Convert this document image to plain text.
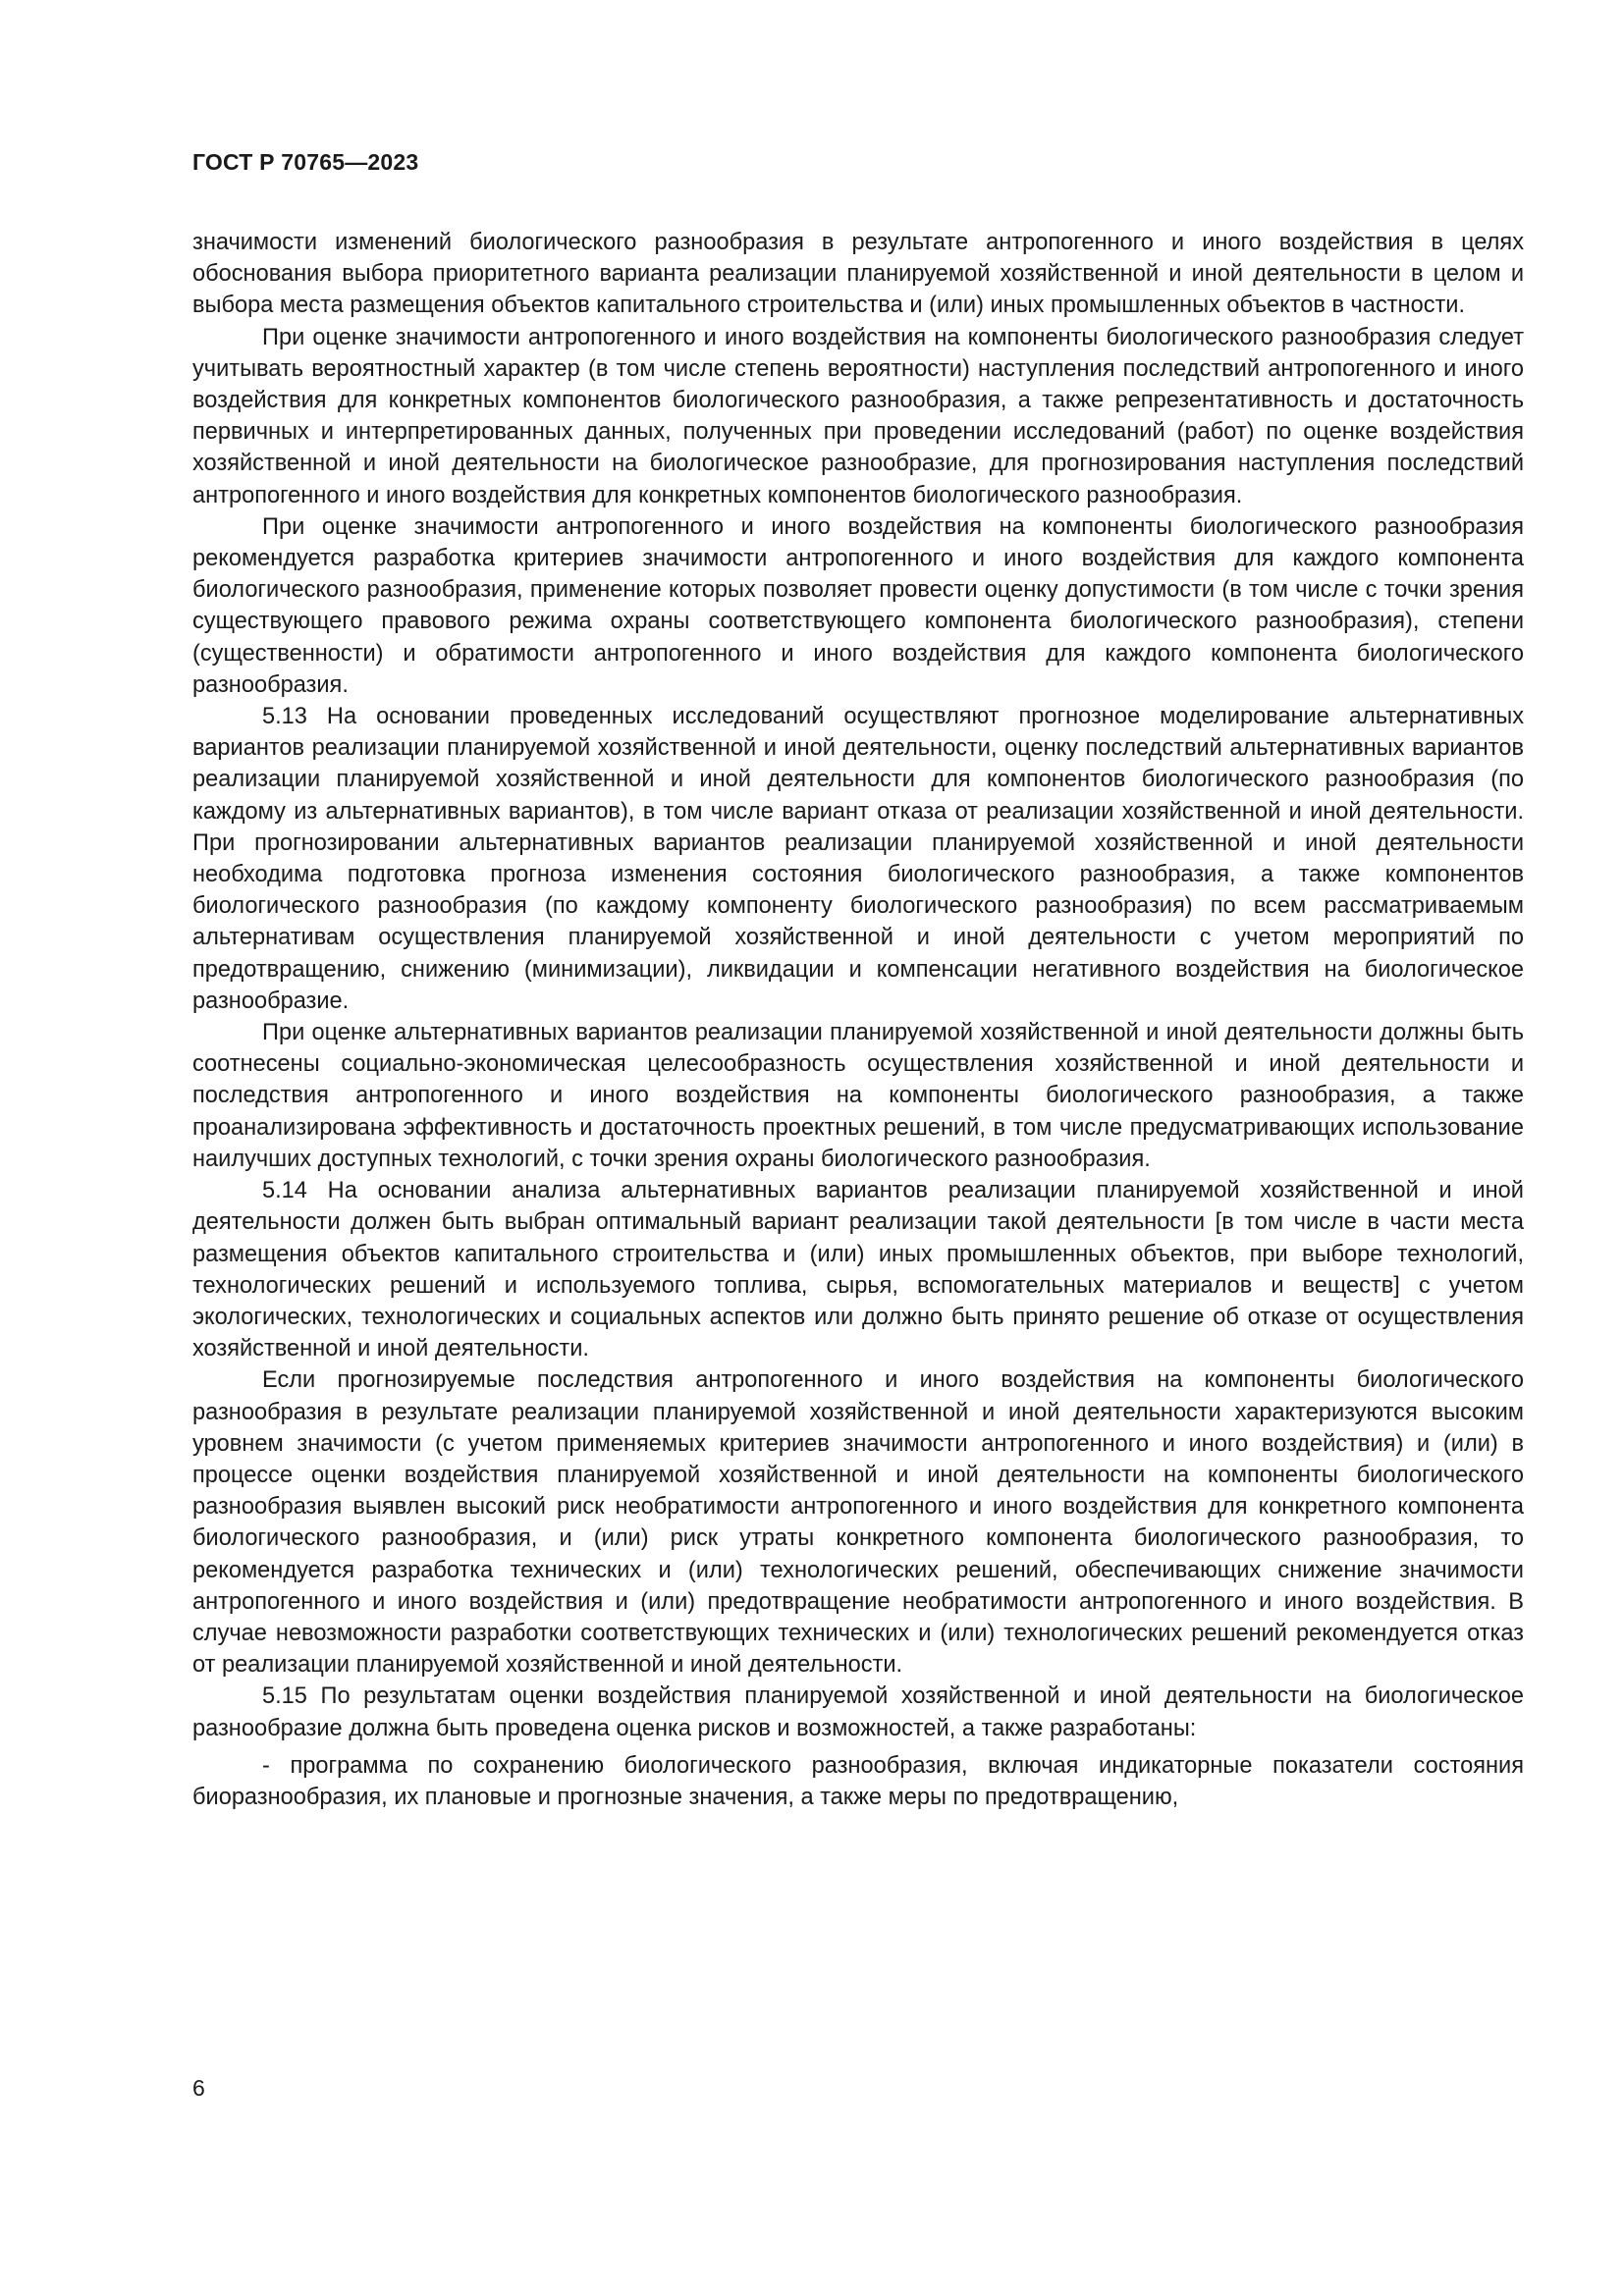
ГОСТ Р 70765—2023

значимости изменений биологического разнообразия в результате антропогенного и иного воздействия в целях обоснования выбора приоритетного варианта реализации планируемой хозяйственной и иной деятельности в целом и выбора места размещения объектов капитального строительства и (или) иных промышленных объектов в частности.

При оценке значимости антропогенного и иного воздействия на компоненты биологического разнообразия следует учитывать вероятностный характер (в том числе степень вероятности) наступления последствий антропогенного и иного воздействия для конкретных компонентов биологического разнообразия, а также репрезентативность и достаточность первичных и интерпретированных данных, полученных при проведении исследований (работ) по оценке воздействия хозяйственной и иной деятельности на биологическое разнообразие, для прогнозирования наступления последствий антропогенного и иного воздействия для конкретных компонентов биологического разнообразия.

При оценке значимости антропогенного и иного воздействия на компоненты биологического разнообразия рекомендуется разработка критериев значимости антропогенного и иного воздействия для каждого компонента биологического разнообразия, применение которых позволяет провести оценку допустимости (в том числе с точки зрения существующего правового режима охраны соответствующего компонента биологического разнообразия), степени (существенности) и обратимости антропогенного и иного воздействия для каждого компонента биологического разнообразия.

5.13 На основании проведенных исследований осуществляют прогнозное моделирование альтернативных вариантов реализации планируемой хозяйственной и иной деятельности, оценку последствий альтернативных вариантов реализации планируемой хозяйственной и иной деятельности для компонентов биологического разнообразия (по каждому из альтернативных вариантов), в том числе вариант отказа от реализации хозяйственной и иной деятельности. При прогнозировании альтернативных вариантов реализации планируемой хозяйственной и иной деятельности необходима подготовка прогноза изменения состояния биологического разнообразия, а также компонентов биологического разнообразия (по каждому компоненту биологического разнообразия) по всем рассматриваемым альтернативам осуществления планируемой хозяйственной и иной деятельности с учетом мероприятий по предотвращению, снижению (минимизации), ликвидации и компенсации негативного воздействия на биологическое разнообразие.

При оценке альтернативных вариантов реализации планируемой хозяйственной и иной деятельности должны быть соотнесены социально-экономическая целесообразность осуществления хозяйственной и иной деятельности и последствия антропогенного и иного воздействия на компоненты биологического разнообразия, а также проанализирована эффективность и достаточность проектных решений, в том числе предусматривающих использование наилучших доступных технологий, с точки зрения охраны биологического разнообразия.

5.14 На основании анализа альтернативных вариантов реализации планируемой хозяйственной и иной деятельности должен быть выбран оптимальный вариант реализации такой деятельности [в том числе в части места размещения объектов капитального строительства и (или) иных промышленных объектов, при выборе технологий, технологических решений и используемого топлива, сырья, вспомогательных материалов и веществ] с учетом экологических, технологических и социальных аспектов или должно быть принято решение об отказе от осуществления хозяйственной и иной деятельности.

Если прогнозируемые последствия антропогенного и иного воздействия на компоненты биологического разнообразия в результате реализации планируемой хозяйственной и иной деятельности характеризуются высоким уровнем значимости (с учетом применяемых критериев значимости антропогенного и иного воздействия) и (или) в процессе оценки воздействия планируемой хозяйственной и иной деятельности на компоненты биологического разнообразия выявлен высокий риск необратимости антропогенного и иного воздействия для конкретного компонента биологического разнообразия, и (или) риск утраты конкретного компонента биологического разнообразия, то рекомендуется разработка технических и (или) технологических решений, обеспечивающих снижение значимости антропогенного и иного воздействия и (или) предотвращение необратимости антропогенного и иного воздействия. В случае невозможности разработки соответствующих технических и (или) технологических решений рекомендуется отказ от реализации планируемой хозяйственной и иной деятельности.

5.15 По результатам оценки воздействия планируемой хозяйственной и иной деятельности на биологическое разнообразие должна быть проведена оценка рисков и возможностей, а также разработаны:

- программа по сохранению биологического разнообразия, включая индикаторные показатели состояния биоразнообразия, их плановые и прогнозные значения, а также меры по предотвращению,

6
